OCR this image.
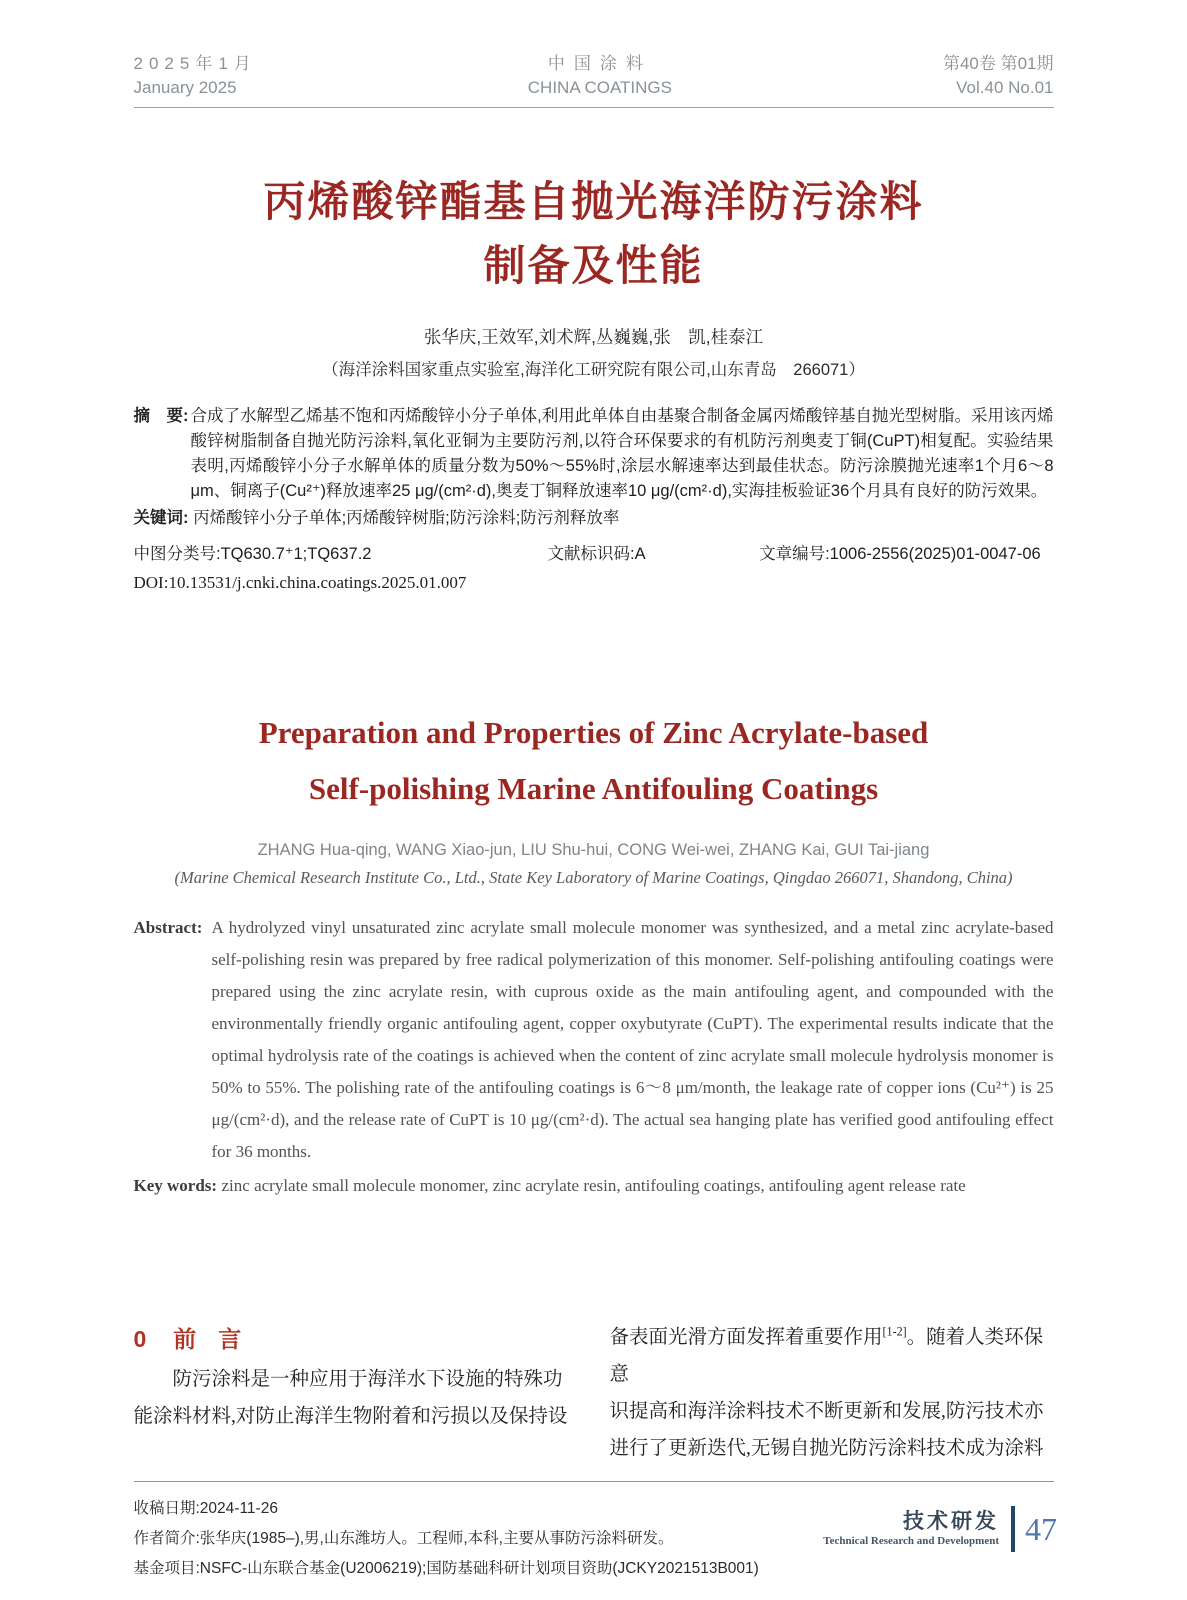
2025年1月
January 2025
中国涂料
CHINA COATINGS
第40卷 第01期
Vol.40 No.01
丙烯酸锌酯基自抛光海洋防污涂料
制备及性能
张华庆,王效军,刘术辉,丛巍巍,张　凯,桂泰江
（海洋涂料国家重点实验室,海洋化工研究院有限公司,山东青岛　266071）
摘　要: 合成了水解型乙烯基不饱和丙烯酸锌小分子单体,利用此单体自由基聚合制备金属丙烯酸锌基自抛光型树脂。采用该丙烯酸锌树脂制备自抛光防污涂料,氧化亚铜为主要防污剂,以符合环保要求的有机防污剂奥麦丁铜(CuPT)相复配。实验结果表明,丙烯酸锌小分子水解单体的质量分数为50%～55%时,涂层水解速率达到最佳状态。防污涂膜抛光速率1个月6～8 μm、铜离子(Cu²⁺)释放速率25 μg/(cm²·d),奥麦丁铜释放速率10 μg/(cm²·d),实海挂板验证36个月具有良好的防污效果。
关键词: 丙烯酸锌小分子单体;丙烯酸锌树脂;防污涂料;防污剂释放率
中图分类号:TQ630.7⁺1;TQ637.2	文献标识码:A	文章编号:1006-2556(2025)01-0047-06
DOI:10.13531/j.cnki.china.coatings.2025.01.007
Preparation and Properties of Zinc Acrylate-based
Self-polishing Marine Antifouling Coatings
ZHANG Hua-qing, WANG Xiao-jun, LIU Shu-hui, CONG Wei-wei, ZHANG Kai, GUI Tai-jiang
(Marine Chemical Research Institute Co., Ltd., State Key Laboratory of Marine Coatings, Qingdao 266071, Shandong, China)
Abstract: A hydrolyzed vinyl unsaturated zinc acrylate small molecule monomer was synthesized, and a metal zinc acrylate-based self-polishing resin was prepared by free radical polymerization of this monomer. Self-polishing antifouling coatings were prepared using the zinc acrylate resin, with cuprous oxide as the main antifouling agent, and compounded with the environmentally friendly organic antifouling agent, copper oxybutyrate (CuPT). The experimental results indicate that the optimal hydrolysis rate of the coatings is achieved when the content of zinc acrylate small molecule hydrolysis monomer is 50% to 55%. The polishing rate of the antifouling coatings is 6～8 μm/month, the leakage rate of copper ions (Cu²⁺) is 25 μg/(cm²·d), and the release rate of CuPT is 10 μg/(cm²·d). The actual sea hanging plate has verified good antifouling effect for 36 months.
Key words: zinc acrylate small molecule monomer, zinc acrylate resin, antifouling coatings, antifouling agent release rate
0 前言
防污涂料是一种应用于海洋水下设施的特殊功
能涂料材料,对防止海洋生物附着和污损以及保持设
备表面光滑方面发挥着重要作用[1-2]。随着人类环保意
识提高和海洋涂料技术不断更新和发展,防污技术亦
进行了更新迭代,无锡自抛光防污涂料技术成为涂料
收稿日期:2024-11-26
作者简介:张华庆(1985–),男,山东潍坊人。工程师,本科,主要从事防污涂料研发。
基金项目:NSFC-山东联合基金(U2006219);国防基础科研计划项目资助(JCKY2021513B001)
技术研发
Technical Research and Development 47
